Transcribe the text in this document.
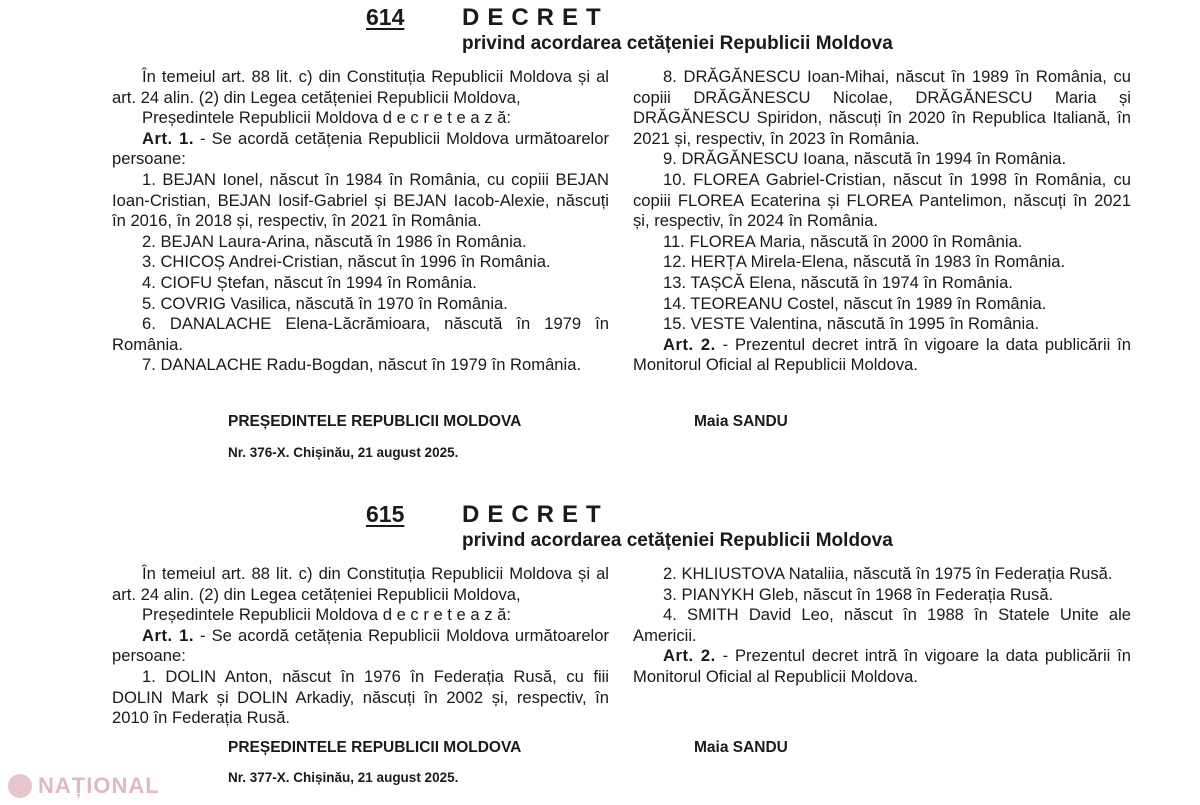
614 DECRET
privind acordarea cetățeniei Republicii Moldova

În temeiul art. 88 lit. c) din Constituția Republicii Moldova și al art. 24 alin. (2) din Legea cetățeniei Republicii Moldova,

Președintele Republicii Moldova d e c r e t e a z ă:

Art. 1. - Se acordă cetățenia Republicii Moldova următoarelor persoane:

1. BEJAN Ionel, născut în 1984 în România, cu copiii BEJAN Ioan-Cristian, BEJAN Iosif-Gabriel și BEJAN Iacob-Alexie, născuți în 2016, în 2018 și, respectiv, în 2021 în România.

2. BEJAN Laura-Arina, născută în 1986 în România.

3. CHICOȘ Andrei-Cristian, născut în 1996 în România.

4. CIOFU Ștefan, născut în 1994 în România.

5. COVRIG Vasilica, născută în 1970 în România.

6. DANALACHE Elena-Lăcrămioara, născută în 1979 în România.

7. DANALACHE Radu-Bogdan, născut în 1979 în România.

8. DRĂGĂNESCU Ioan-Mihai, născut în 1989 în România, cu copiii DRĂGĂNESCU Nicolae, DRĂGĂNESCU Maria și DRĂGĂNESCU Spiridon, născuți în 2020 în Republica Italiană, în 2021 și, respectiv, în 2023 în România.

9. DRĂGĂNESCU Ioana, născută în 1994 în România.

10. FLOREA Gabriel-Cristian, născut în 1998 în România, cu copiii FLOREA Ecaterina și FLOREA Pantelimon, născuți în 2021 și, respectiv, în 2024 în România.

11. FLOREA Maria, născută în 2000 în România.

12. HERȚA Mirela-Elena, născută în 1983 în România.

13. TAȘCĂ Elena, născută în 1974 în România.

14. TEOREANU Costel, născut în 1989 în România.

15. VESTE Valentina, născută în 1995 în România.

Art. 2. - Prezentul decret intră în vigoare la data publicării în Monitorul Oficial al Republicii Moldova.

PREȘEDINTELE REPUBLICII MOLDOVA	Maia SANDU
Nr. 376-X. Chișinău, 21 august 2025.
615 DECRET
privind acordarea cetățeniei Republicii Moldova

În temeiul art. 88 lit. c) din Constituția Republicii Moldova și al art. 24 alin. (2) din Legea cetățeniei Republicii Moldova,

Președintele Republicii Moldova d e c r e t e a z ă:

Art. 1. - Se acordă cetățenia Republicii Moldova următoarelor persoane:

1. DOLIN Anton, născut în 1976 în Federația Rusă, cu fiii DOLIN Mark și DOLIN Arkadiy, născuți în 2002 și, respectiv, în 2010 în Federația Rusă.

2. KHLIUSTOVA Nataliia, născută în 1975 în Federația Rusă.

3. PIANYKH Gleb, născut în 1968 în Federația Rusă.

4. SMITH David Leo, născut în 1988 în Statele Unite ale Americii.

Art. 2. - Prezentul decret intră în vigoare la data publicării în Monitorul Oficial al Republicii Moldova.

PREȘEDINTELE REPUBLICII MOLDOVA	Maia SANDU
Nr. 377-X. Chișinău, 21 august 2025.
NAȚIONAL
